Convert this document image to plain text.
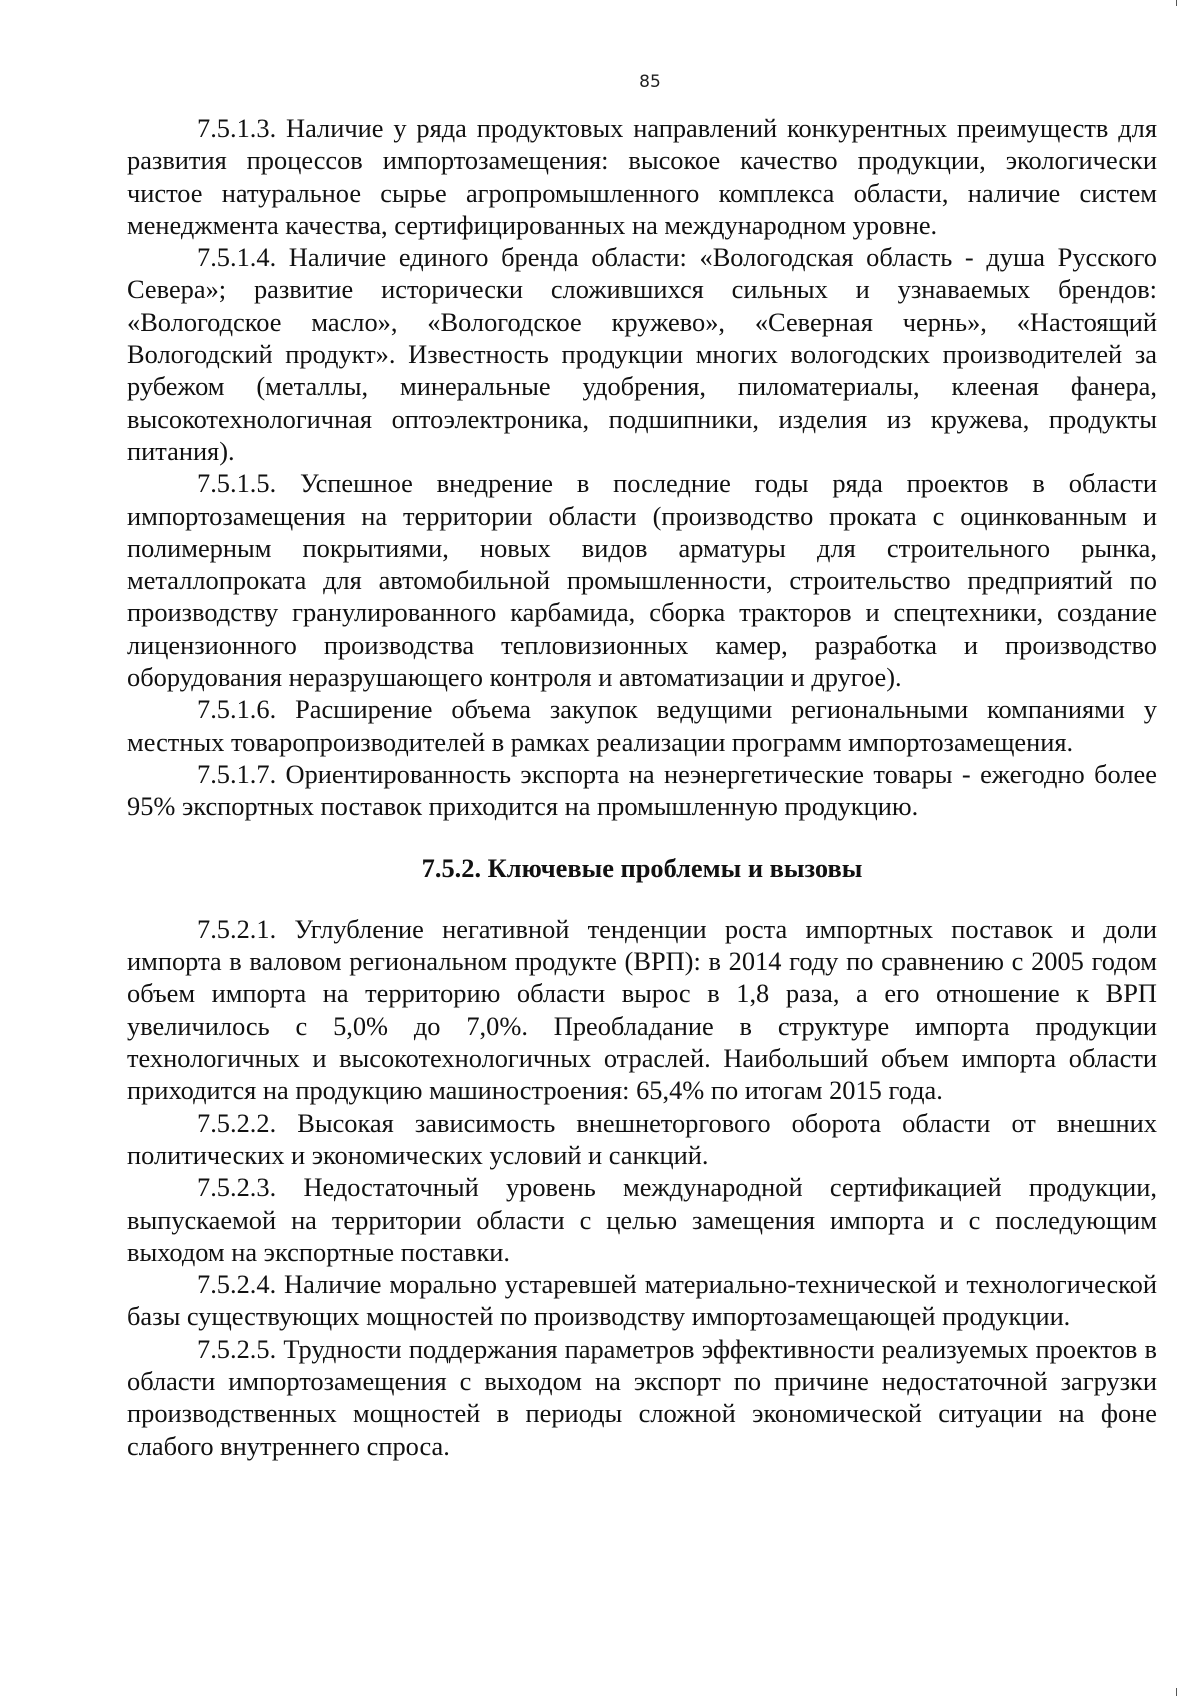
85

7.5.1.3. Наличие у ряда продуктовых направлений конкурентных преимуществ для развития процессов импортозамещения: высокое качество продукции, экологически чистое натуральное сырье агропромышленного комплекса области, наличие систем менеджмента качества, сертифицированных на международном уровне.

7.5.1.4. Наличие единого бренда области: «Вологодская область - душа Русского Севера»; развитие исторически сложившихся сильных и узнаваемых брендов: «Вологодское масло», «Вологодское кружево», «Северная чернь», «Настоящий Вологодский продукт». Известность продукции многих вологодских производителей за рубежом (металлы, минеральные удобрения, пиломатериалы, клееная фанера, высокотехнологичная оптоэлектроника, подшипники, изделия из кружева, продукты питания).

7.5.1.5. Успешное внедрение в последние годы ряда проектов в области импортозамещения на территории области (производство проката с оцинкованным и полимерным покрытиями, новых видов арматуры для строительного рынка, металлопроката для автомобильной промышленности, строительство предприятий по производству гранулированного карбамида, сборка тракторов и спецтехники, создание лицензионного производства тепловизионных камер, разработка и производство оборудования неразрушающего контроля и автоматизации и другое).

7.5.1.6. Расширение объема закупок ведущими региональными компаниями у местных товаропроизводителей в рамках реализации программ импортозамещения.

7.5.1.7. Ориентированность экспорта на неэнергетические товары - ежегодно более 95% экспортных поставок приходится на промышленную продукцию.

7.5.2. Ключевые проблемы и вызовы

7.5.2.1. Углубление негативной тенденции роста импортных поставок и доли импорта в валовом региональном продукте (ВРП): в 2014 году по сравнению с 2005 годом объем импорта на территорию области вырос в 1,8 раза, а его отношение к ВРП увеличилось с 5,0% до 7,0%. Преобладание в структуре импорта продукции технологичных и высокотехнологичных отраслей. Наибольший объем импорта области приходится на продукцию машиностроения: 65,4% по итогам 2015 года.

7.5.2.2. Высокая зависимость внешнеторгового оборота области от внешних политических и экономических условий и санкций.

7.5.2.3. Недостаточный уровень международной сертификацией продукции, выпускаемой на территории области с целью замещения импорта и с последующим выходом на экспортные поставки.

7.5.2.4. Наличие морально устаревшей материально-технической и технологической базы существующих мощностей по производству импортозамещающей продукции.

7.5.2.5. Трудности поддержания параметров эффективности реализуемых проектов в области импортозамещения с выходом на экспорт по причине недостаточной загрузки производственных мощностей в периоды сложной экономической ситуации на фоне слабого внутреннего спроса.
